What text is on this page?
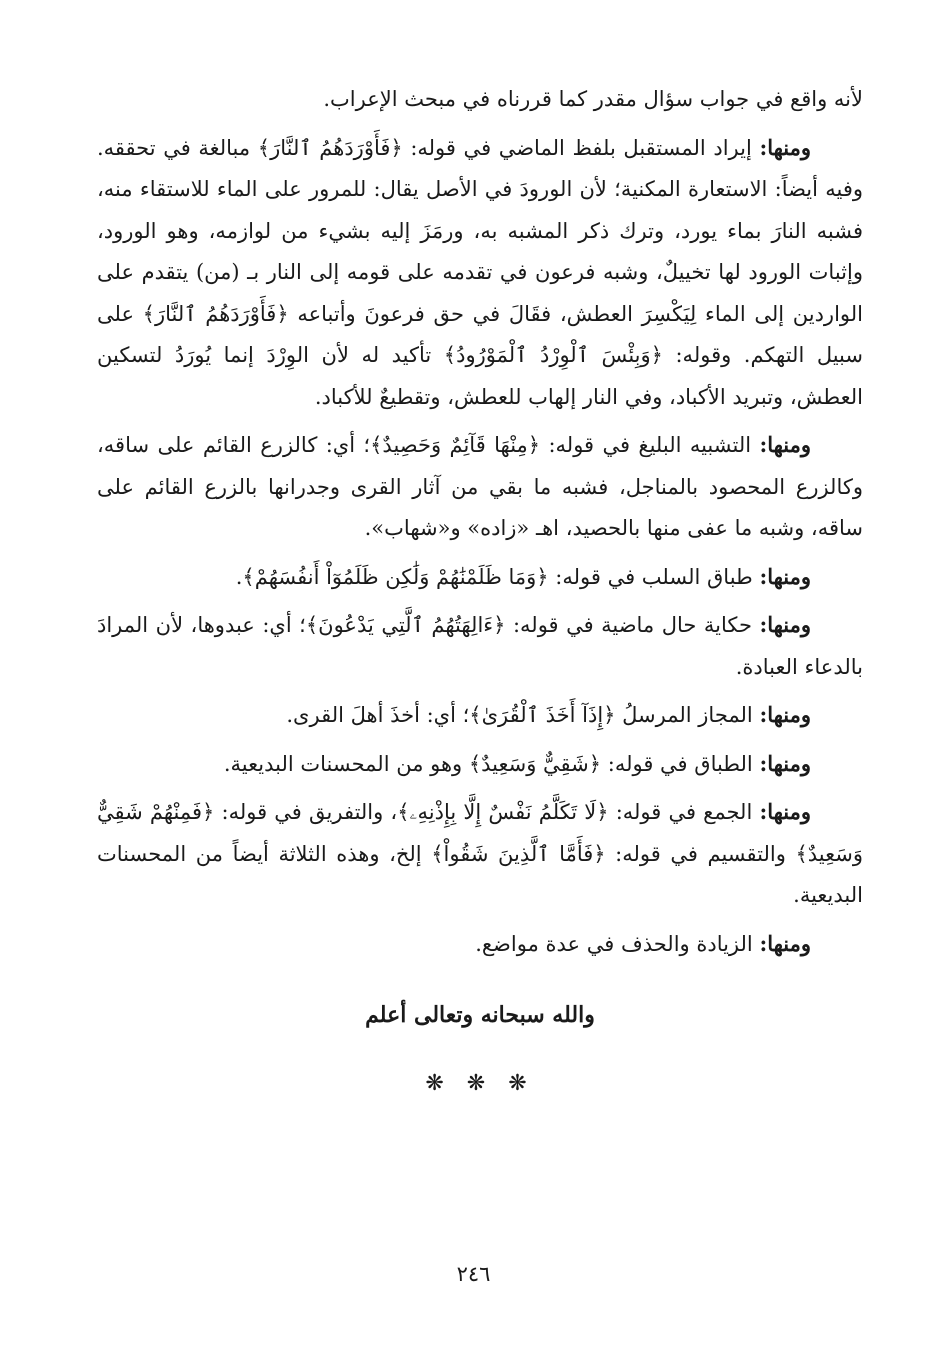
لأنه واقع في جواب سؤال مقدر كما قررناه في مبحث الإعراب.

ومنها: إيراد المستقبل بلفظ الماضي في قوله: ﴿فَأَوْرَدَهُمُ ٱلنَّارَ﴾ مبالغة في تحققه. وفيه أيضاً: الاستعارة المكنية؛ لأن الورودَ في الأصل يقال: للمرور على الماء للاستقاء منه، فشبه النارَ بماء يورد، وترك ذكر المشبه به، ورمَزَ إليه بشيء من لوازمه، وهو الورود، وإثبات الورود لها تخييلٌ، وشبه فرعون في تقدمه على قومه إلى النار بـ (من) يتقدم على الواردين إلى الماء لِيَكْسِرَ العطش، فقَالَ في حق فرعونَ وأتباعه ﴿فَأَوْرَدَهُمُ ٱلنَّارَ﴾ على سبيل التهكم. وقوله: ﴿وَبِئْسَ ٱلْوِرْدُ ٱلْمَوْرُودُ﴾ تأكيد له لأن الوِرْدَ إنما يُورَدُ لتسكين العطش، وتبريد الأكباد، وفي النار إلهاب للعطش، وتقطيعٌ للأكباد.

ومنها: التشبيه البليغ في قوله: ﴿مِنْهَا قَآئِمٌ وَحَصِيدٌ﴾؛ أي: كالزرع القائم على ساقه، وكالزرع المحصود بالمناجل، فشبه ما بقي من آثار القرى وجدرانها بالزرع القائم على ساقه، وشبه ما عفى منها بالحصيد، اهـ «زاده» و«شهاب».

ومنها: طباق السلب في قوله: ﴿وَمَا ظَلَمْنَٰهُمْ وَلَٰكِن ظَلَمُوٓاْ أَنفُسَهُمْ﴾.

ومنها: حكاية حال ماضية في قوله: ﴿ءَالِهَتُهُمُ ٱلَّتِي يَدْعُونَ﴾؛ أي: عبدوها، لأن المرادَ بالدعاء العبادة.

ومنها: المجاز المرسلُ ﴿إِذَآ أَخَذَ ٱلْقُرَىٰ﴾؛ أي: أخذَ أهلَ القرى.

ومنها: الطباق في قوله: ﴿شَقِيٌّ وَسَعِيدٌ﴾ وهو من المحسنات البديعية.

ومنها: الجمع في قوله: ﴿لَا تَكَلَّمُ نَفْسٌ إِلَّا بِإِذْنِهِۦ﴾، والتفريق في قوله: ﴿فَمِنْهُمْ شَقِيٌّ وَسَعِيدٌ﴾ والتقسيم في قوله: ﴿فَأَمَّا ٱلَّذِينَ شَقُواْ﴾ إلخ، وهذه الثلاثة أيضاً من المحسنات البديعية.

ومنها: الزيادة والحذف في عدة مواضع.

والله سبحانه وتعالى أعلم
❋ ❋ ❋
٢٤٦
